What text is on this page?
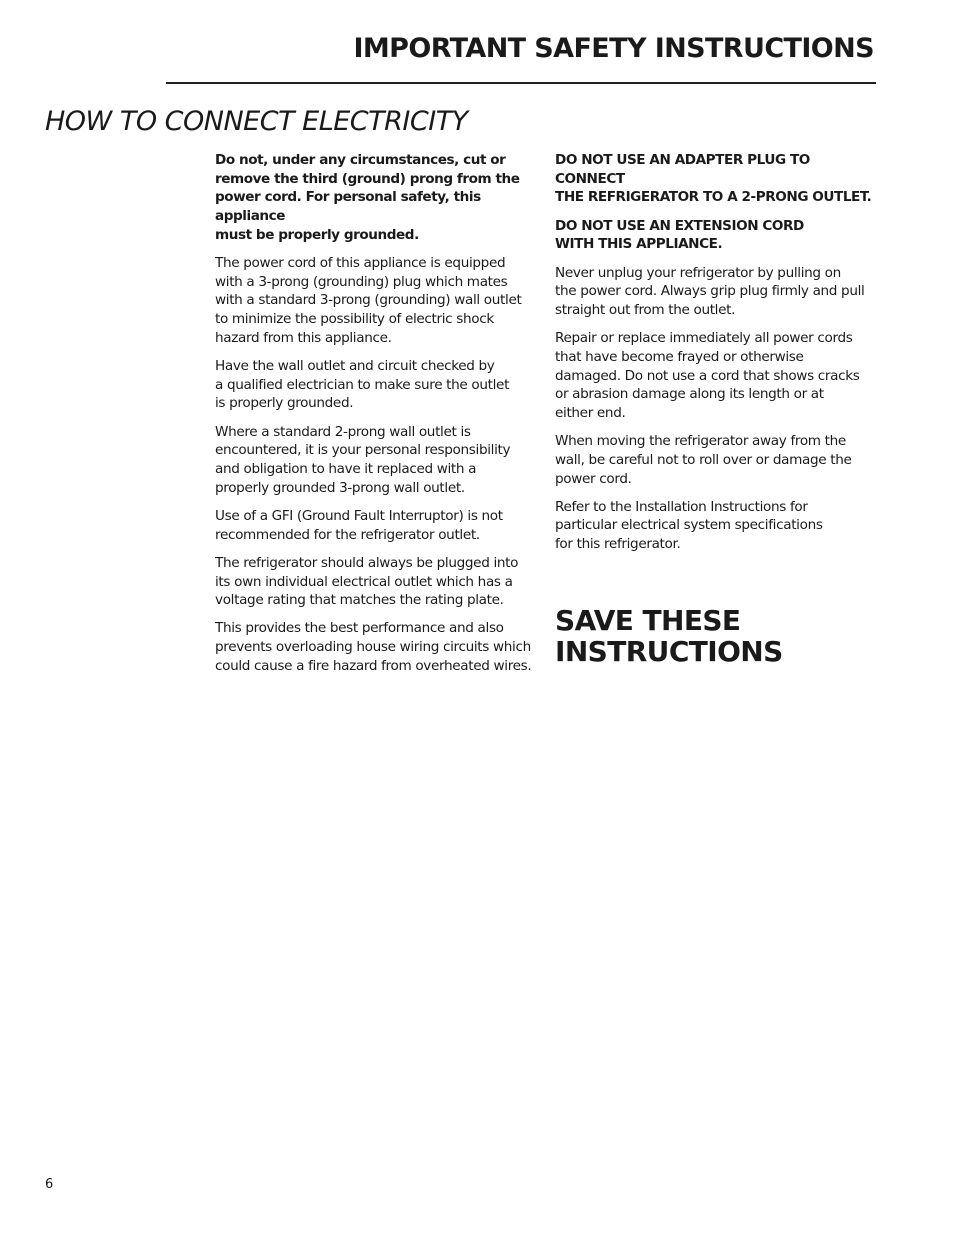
IMPORTANT SAFETY INSTRUCTIONS
HOW TO CONNECT ELECTRICITY

Do not, under any circumstances, cut or
remove the third (ground) prong from the
power cord. For personal safety, this appliance
must be properly grounded.

The power cord of this appliance is equipped
with a 3-prong (grounding) plug which mates
with a standard 3-prong (grounding) wall outlet
to minimize the possibility of electric shock
hazard from this appliance.

Have the wall outlet and circuit checked by
a qualified electrician to make sure the outlet
is properly grounded.

Where a standard 2-prong wall outlet is
encountered, it is your personal responsibility
and obligation to have it replaced with a
properly grounded 3-prong wall outlet.

Use of a GFI (Ground Fault Interruptor) is not
recommended for the refrigerator outlet.

The refrigerator should always be plugged into
its own individual electrical outlet which has a
voltage rating that matches the rating plate.

This provides the best performance and also
prevents overloading house wiring circuits which
could cause a fire hazard from overheated wires.

DO NOT USE AN ADAPTER PLUG TO CONNECT
THE REFRIGERATOR TO A 2-PRONG OUTLET.

DO NOT USE AN EXTENSION CORD
WITH THIS APPLIANCE.

Never unplug your refrigerator by pulling on
the power cord. Always grip plug firmly and pull
straight out from the outlet.

Repair or replace immediately all power cords
that have become frayed or otherwise
damaged. Do not use a cord that shows cracks
or abrasion damage along its length or at
either end.

When moving the refrigerator away from the
wall, be careful not to roll over or damage the
power cord.

Refer to the Installation Instructions for
particular electrical system specifications
for this refrigerator.

SAVE THESE
INSTRUCTIONS
6
